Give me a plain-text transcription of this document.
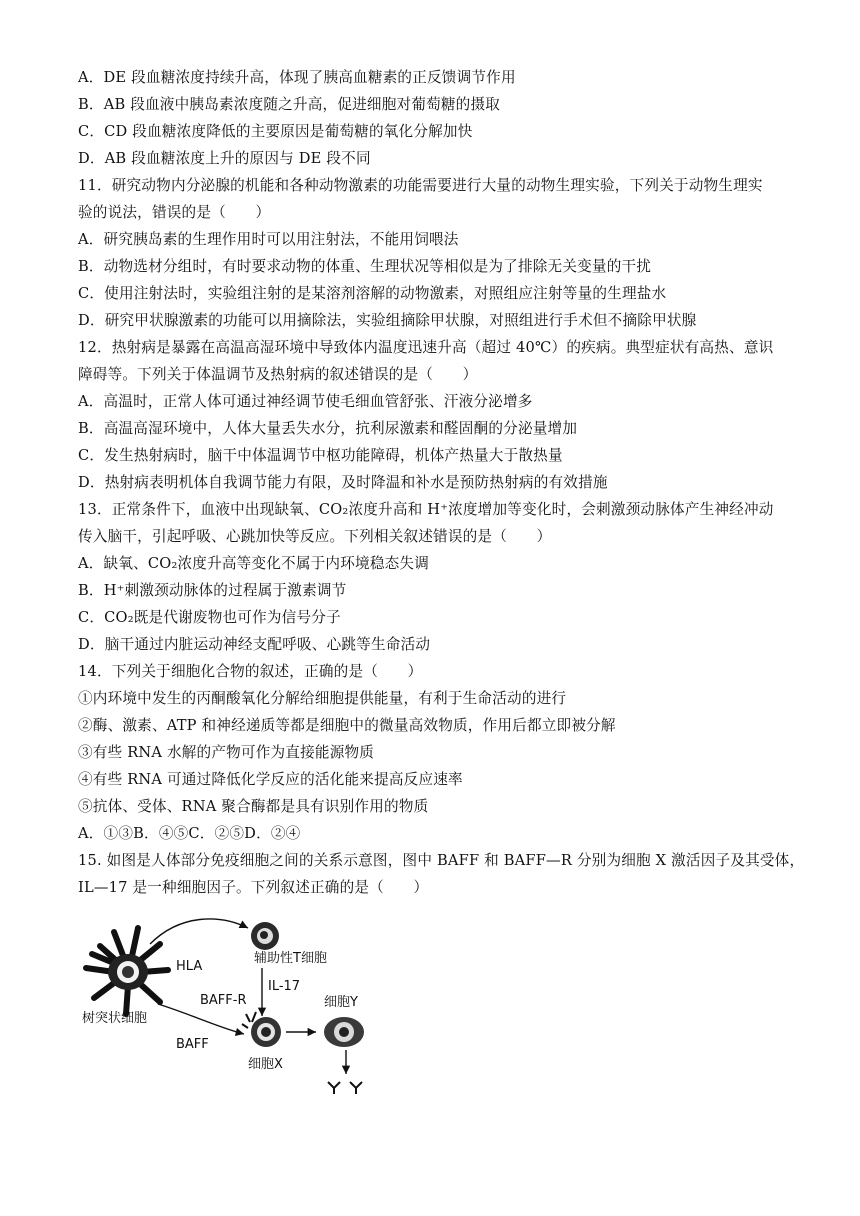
A．DE 段血糖浓度持续升高，体现了胰高血糖素的正反馈调节作用
B．AB 段血液中胰岛素浓度随之升高，促进细胞对葡萄糖的摄取
C．CD 段血糖浓度降低的主要原因是葡萄糖的氧化分解加快
D．AB 段血糖浓度上升的原因与 DE 段不同
11．研究动物内分泌腺的机能和各种动物激素的功能需要进行大量的动物生理实验，下列关于动物生理实
验的说法，错误的是（　　）
A．研究胰岛素的生理作用时可以用注射法，不能用饲喂法
B．动物选材分组时，有时要求动物的体重、生理状况等相似是为了排除无关变量的干扰
C．使用注射法时，实验组注射的是某溶剂溶解的动物激素，对照组应注射等量的生理盐水
D．研究甲状腺激素的功能可以用摘除法，实验组摘除甲状腺，对照组进行手术但不摘除甲状腺
12．热射病是暴露在高温高湿环境中导致体内温度迅速升高（超过 40℃）的疾病。典型症状有高热、意识
障碍等。下列关于体温调节及热射病的叙述错误的是（　　）
A．高温时，正常人体可通过神经调节使毛细血管舒张、汗液分泌增多
B．高温高湿环境中，人体大量丢失水分，抗利尿激素和醛固酮的分泌量增加
C．发生热射病时，脑干中体温调节中枢功能障碍，机体产热量大于散热量
D．热射病表明机体自我调节能力有限，及时降温和补水是预防热射病的有效措施
13．正常条件下，血液中出现缺氧、CO₂浓度升高和 H⁺浓度增加等变化时，会刺激颈动脉体产生神经冲动
传入脑干，引起呼吸、心跳加快等反应。下列相关叙述错误的是（　　）
A．缺氧、CO₂浓度升高等变化不属于内环境稳态失调
B．H⁺刺激颈动脉体的过程属于激素调节
C．CO₂既是代谢废物也可作为信号分子
D．脑干通过内脏运动神经支配呼吸、心跳等生命活动
14．下列关于细胞化合物的叙述，正确的是（　　）
①内环境中发生的丙酮酸氧化分解给细胞提供能量，有利于生命活动的进行
②酶、激素、ATP 和神经递质等都是细胞中的微量高效物质，作用后都立即被分解
③有些 RNA 水解的产物可作为直接能源物质
④有些 RNA 可通过降低化学反应的活化能来提高反应速率
⑤抗体、受体、RNA 聚合酶都是具有识别作用的物质
A．①③B．④⑤C．②⑤D．②④
15. 如图是人体部分免疫细胞之间的关系示意图，图中 BAFF 和 BAFF—R 分别为细胞 X 激活因子及其受体，
IL—17 是一种细胞因子。下列叙述正确的是（　　）
HLA
树突状细胞
辅助性T细胞
IL-17
BAFF-R
BAFF
细胞X
细胞Y
